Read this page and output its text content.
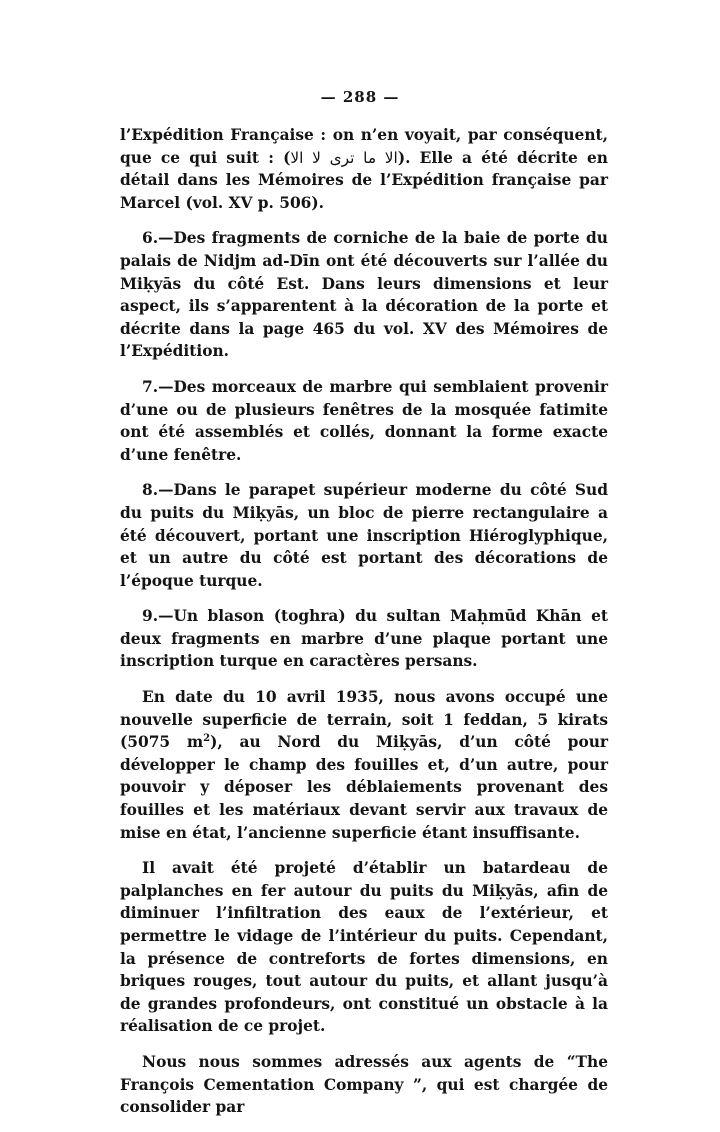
— 288 —

l’Expédition Française : on n’en voyait, par conséquent, que ce qui suit : (الا ما ترى لا الا). Elle a été décrite en détail dans les Mémoires de l’Expédition française par Marcel (vol. XV p. 506).

6.—Des fragments de corniche de la baie de porte du palais de Nidjm ad-Dīn ont été découverts sur l’allée du Miḳyās du côté Est. Dans leurs dimensions et leur aspect, ils s’apparentent à la décoration de la porte et décrite dans la page 465 du vol. XV des Mémoires de l’Expédition.

7.—Des morceaux de marbre qui semblaient provenir d’une ou de plusieurs fenêtres de la mosquée fatimite ont été assemblés et collés, donnant la forme exacte d’une fenêtre.

8.—Dans le parapet supérieur moderne du côté Sud du puits du Miḳyās, un bloc de pierre rectangulaire a été découvert, portant une inscription Hiéroglyphique, et un autre du côté est portant des décorations de l’époque turque.

9.—Un blason (toghra) du sultan Maḥmūd Khān et deux fragments en marbre d’une plaque portant une inscription turque en caractères persans.

En date du 10 avril 1935, nous avons occupé une nouvelle superficie de terrain, soit 1 feddan, 5 kirats (5075 $m^2$), au Nord du Miḳyās, d’un côté pour développer le champ des fouilles et, d’un autre, pour pouvoir y déposer les déblaiements provenant des fouilles et les matériaux devant servir aux travaux de mise en état, l’ancienne superficie étant insuffisante.

Il avait été projeté d’établir un batardeau de palplanches en fer autour du puits du Miḳyās, afin de diminuer l’infiltration des eaux de l’extérieur, et permettre le vidage de l’intérieur du puits. Cependant, la présence de contreforts de fortes dimensions, en briques rouges, tout autour du puits, et allant jusqu’à de grandes profondeurs, ont constitué un obstacle à la réalisation de ce projet.

Nous nous sommes adressés aux agents de “The François Cementation Company ”, qui est chargée de consolider par
